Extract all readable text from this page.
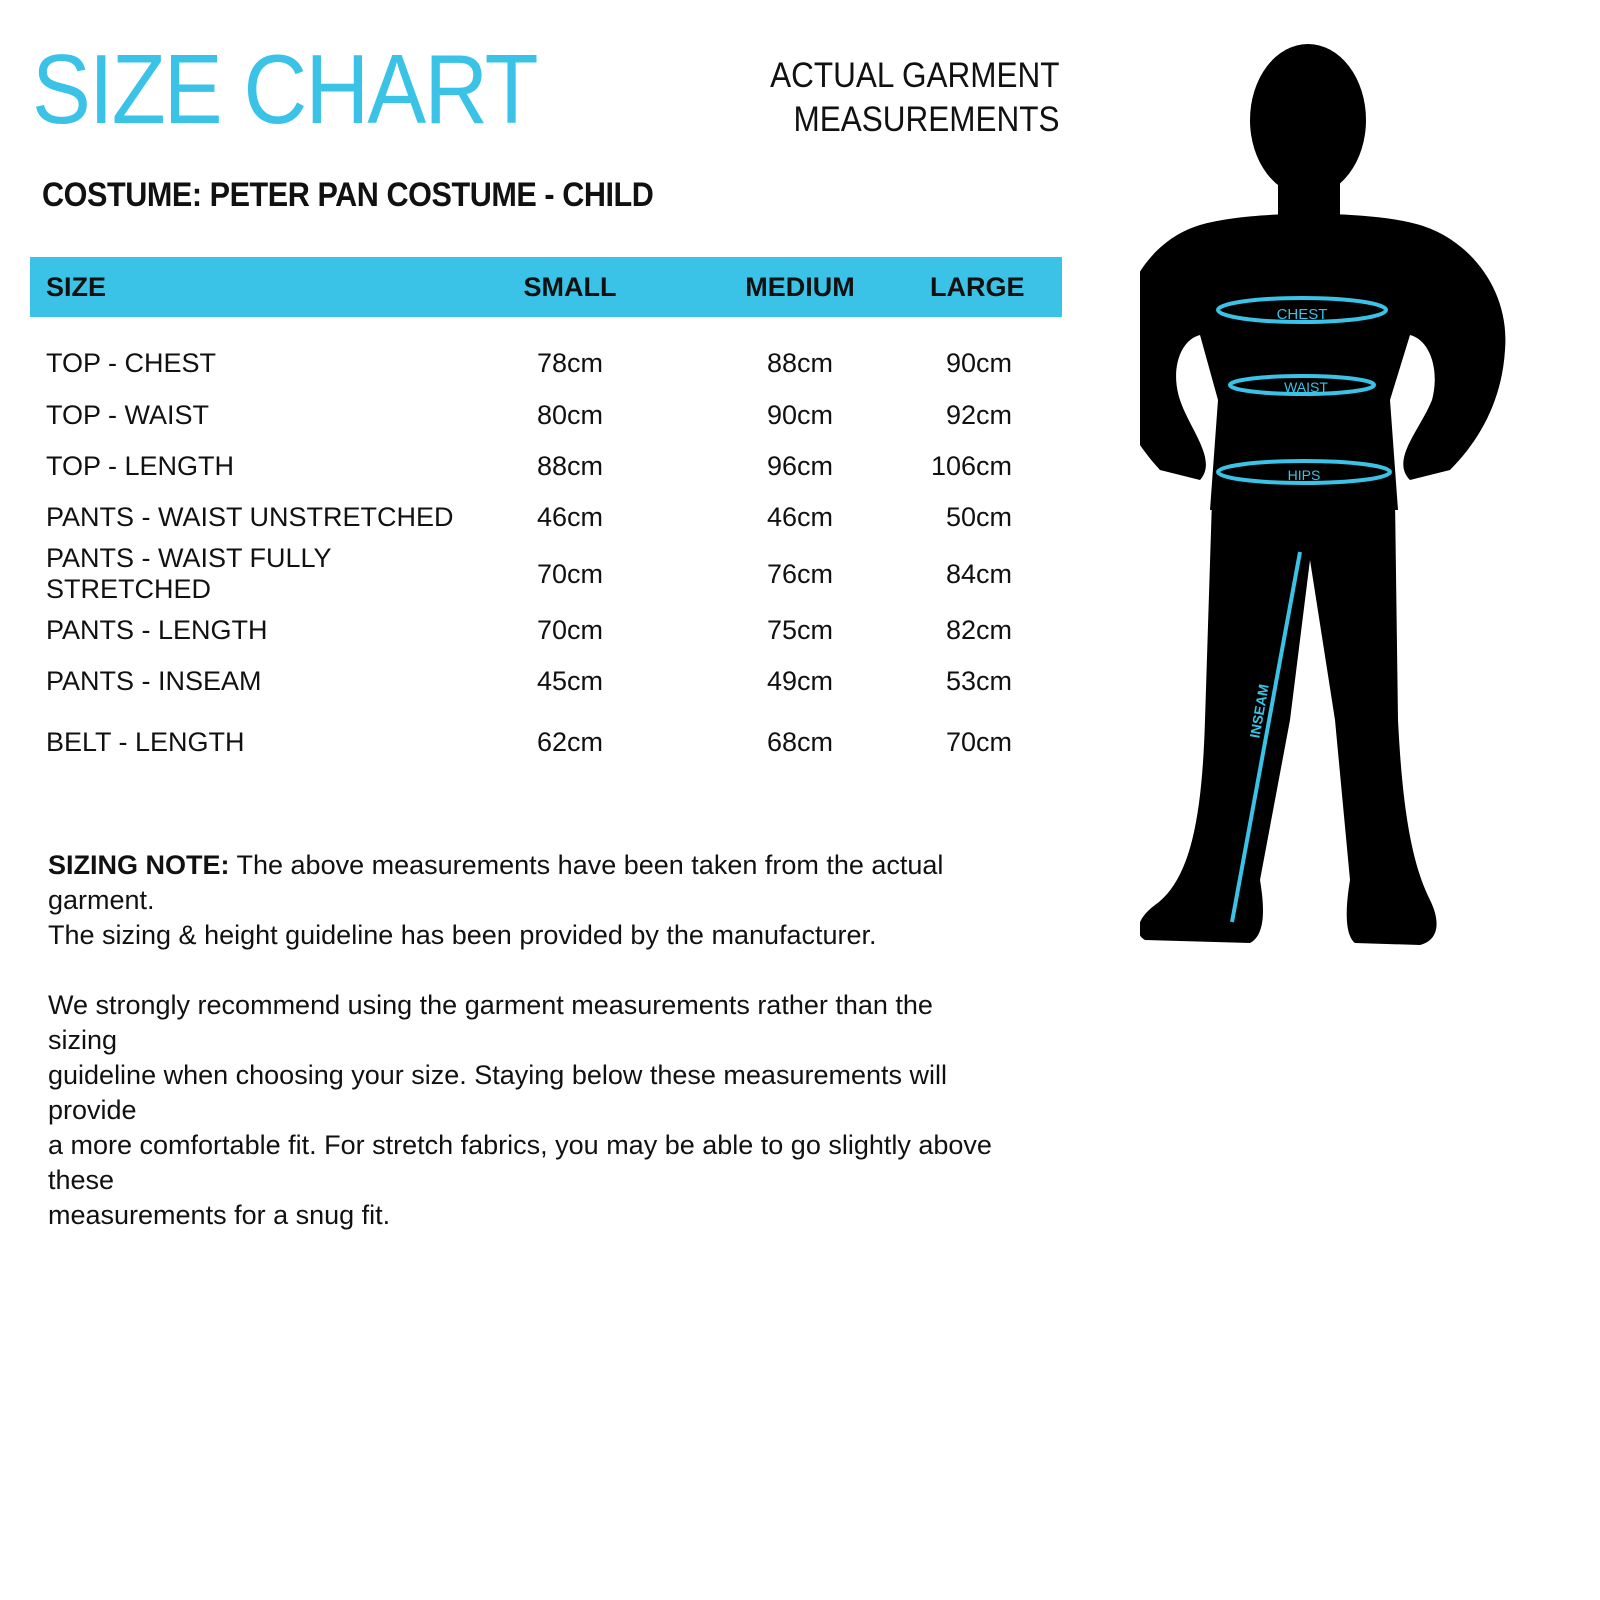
SIZE CHART	ACTUAL GARMENT
MEASUREMENTS
COSTUME: PETER PAN COSTUME - CHILD
SIZE	SMALL	MEDIUM	LARGE
TOP - CHEST	78cm	88cm	90cm
TOP - WAIST	80cm	90cm	92cm
TOP - LENGTH	88cm	96cm	106cm
PANTS - WAIST UNSTRETCHED	46cm	46cm	50cm
PANTS - WAIST FULLY STRETCHED	70cm	76cm	84cm
PANTS - LENGTH	70cm	75cm	82cm
PANTS - INSEAM	45cm	49cm	53cm
BELT - LENGTH	62cm	68cm	70cm

SIZING NOTE: The above measurements have been taken from the actual garment.
The sizing & height guideline has been provided by the manufacturer.

We strongly recommend using the garment measurements rather than the sizing
guideline when choosing your size. Staying below these measurements will provide
a more comfortable fit. For stretch fabrics, you may be able to go slightly above these
measurements for a snug fit.

CHEST
WAIST
HIPS
INSEAM
